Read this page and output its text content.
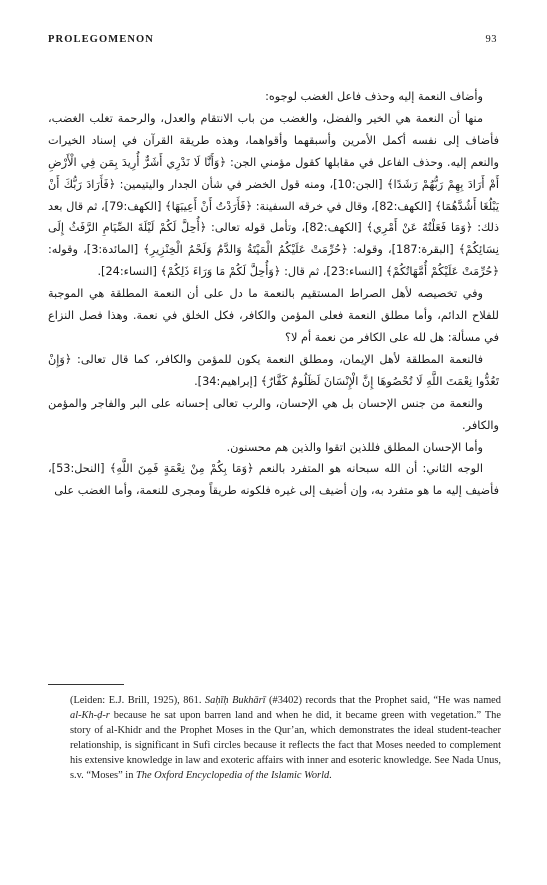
PROLEGOMENON	93

وأضاف النعمة إليه وحذف فاعل الغضب لوجوه:

منها أن النعمة هي الخير والفضل، والغضب من باب الانتقام والعدل، والرحمة تغلب الغضب، فأضاف إلى نفسه أكمل الأمرين وأسبقهما وأقواهما، وهذه طريقة القرآن في إسناد الخيرات والنعم إليه. وحذف الفاعل في مقابلها كقول مؤمني الجن: ﴿وَأَنَّا لَا نَدْرِي أَشَرٌّ أُرِيدَ بِمَن فِي الْأَرْضِ أَمْ أَرَادَ بِهِمْ رَبُّهُمْ رَشَدًا﴾ [الجن:10]، ومنه قول الخضر في شأن الجدار واليتيمين: ﴿فَأَرَادَ رَبُّكَ أَنْ يَبْلُغَا أَشُدَّهُمَا﴾ [الكهف:82]، وقال في خرقه السفينة: ﴿فَأَرَدْتُ أَنْ أَعِيبَهَا﴾ [الكهف:79]، ثم قال بعد ذلك: ﴿وَمَا فَعَلْتُهُ عَنْ أَمْرِي﴾ [الكهف:82]، وتأمل قوله تعالى: ﴿أُحِلَّ لَكُمْ لَيْلَةَ الصِّيَامِ الرَّفَثُ إِلَى نِسَائِكُمْ﴾ [البقرة:187]، وقوله: ﴿حُرِّمَتْ عَلَيْكُمُ الْمَيْتَةُ وَالدَّمُ وَلَحْمُ الْخِنْزِيرِ﴾ [المائدة:3]، وقوله: ﴿حُرِّمَتْ عَلَيْكُمْ أُمَّهَاتُكُمْ﴾ [النساء:23]، ثم قال: ﴿وَأُحِلَّ لَكُمْ مَا وَرَاءَ ذَلِكُمْ﴾ [النساء:24].

وفي تخصيصه لأهل الصراط المستقيم بالنعمة ما دل على أن النعمة المطلقة هي الموجبة للفلاح الدائم، وأما مطلق النعمة فعلى المؤمن والكافر، فكل الخلق في نعمة. وهذا فصل النزاع في مسألة: هل لله على الكافر من نعمة أم لا؟

فالنعمة المطلقة لأهل الإيمان، ومطلق النعمة يكون للمؤمن والكافر، كما قال تعالى: ﴿وَإِنْ تَعُدُّوا نِعْمَتَ اللَّهِ لَا تُحْصُوهَا إِنَّ الْإِنْسَانَ لَظَلُومٌ كَفَّارٌ﴾ [إبراهيم:34].

والنعمة من جنس الإحسان بل هي الإحسان، والرب تعالى إحسانه على البر والفاجر والمؤمن والكافر.

وأما الإحسان المطلق فللذين اتقوا والذين هم محسنون.

الوجه الثاني: أن الله سبحانه هو المتفرد بالنعم ﴿وَمَا بِكُمْ مِنْ نِعْمَةٍ فَمِنَ اللَّهِ﴾ [النحل:53]، فأضيف إليه ما هو متفرد به، وإن أضيف إلى غيره فلكونه طريقاً ومجرى للنعمة، وأما الغضب على

(Leiden: E.J. Brill, 1925), 861. Saḥīḥ Bukhārī (#3402) records that the Prophet said, “He was named al-Kh-ḍ-r because he sat upon barren land and when he did, it became green with vegetation.” The story of al-Khidr and the Prophet Moses in the Qur’an, which demonstrates the ideal student-teacher relationship, is significant in Sufi circles because it reflects the fact that Moses needed to complement his extensive knowledge in law and exoteric affairs with inner and esoteric knowledge. See Nada Unus, s.v. “Moses” in The Oxford Encyclopedia of the Islamic World.
